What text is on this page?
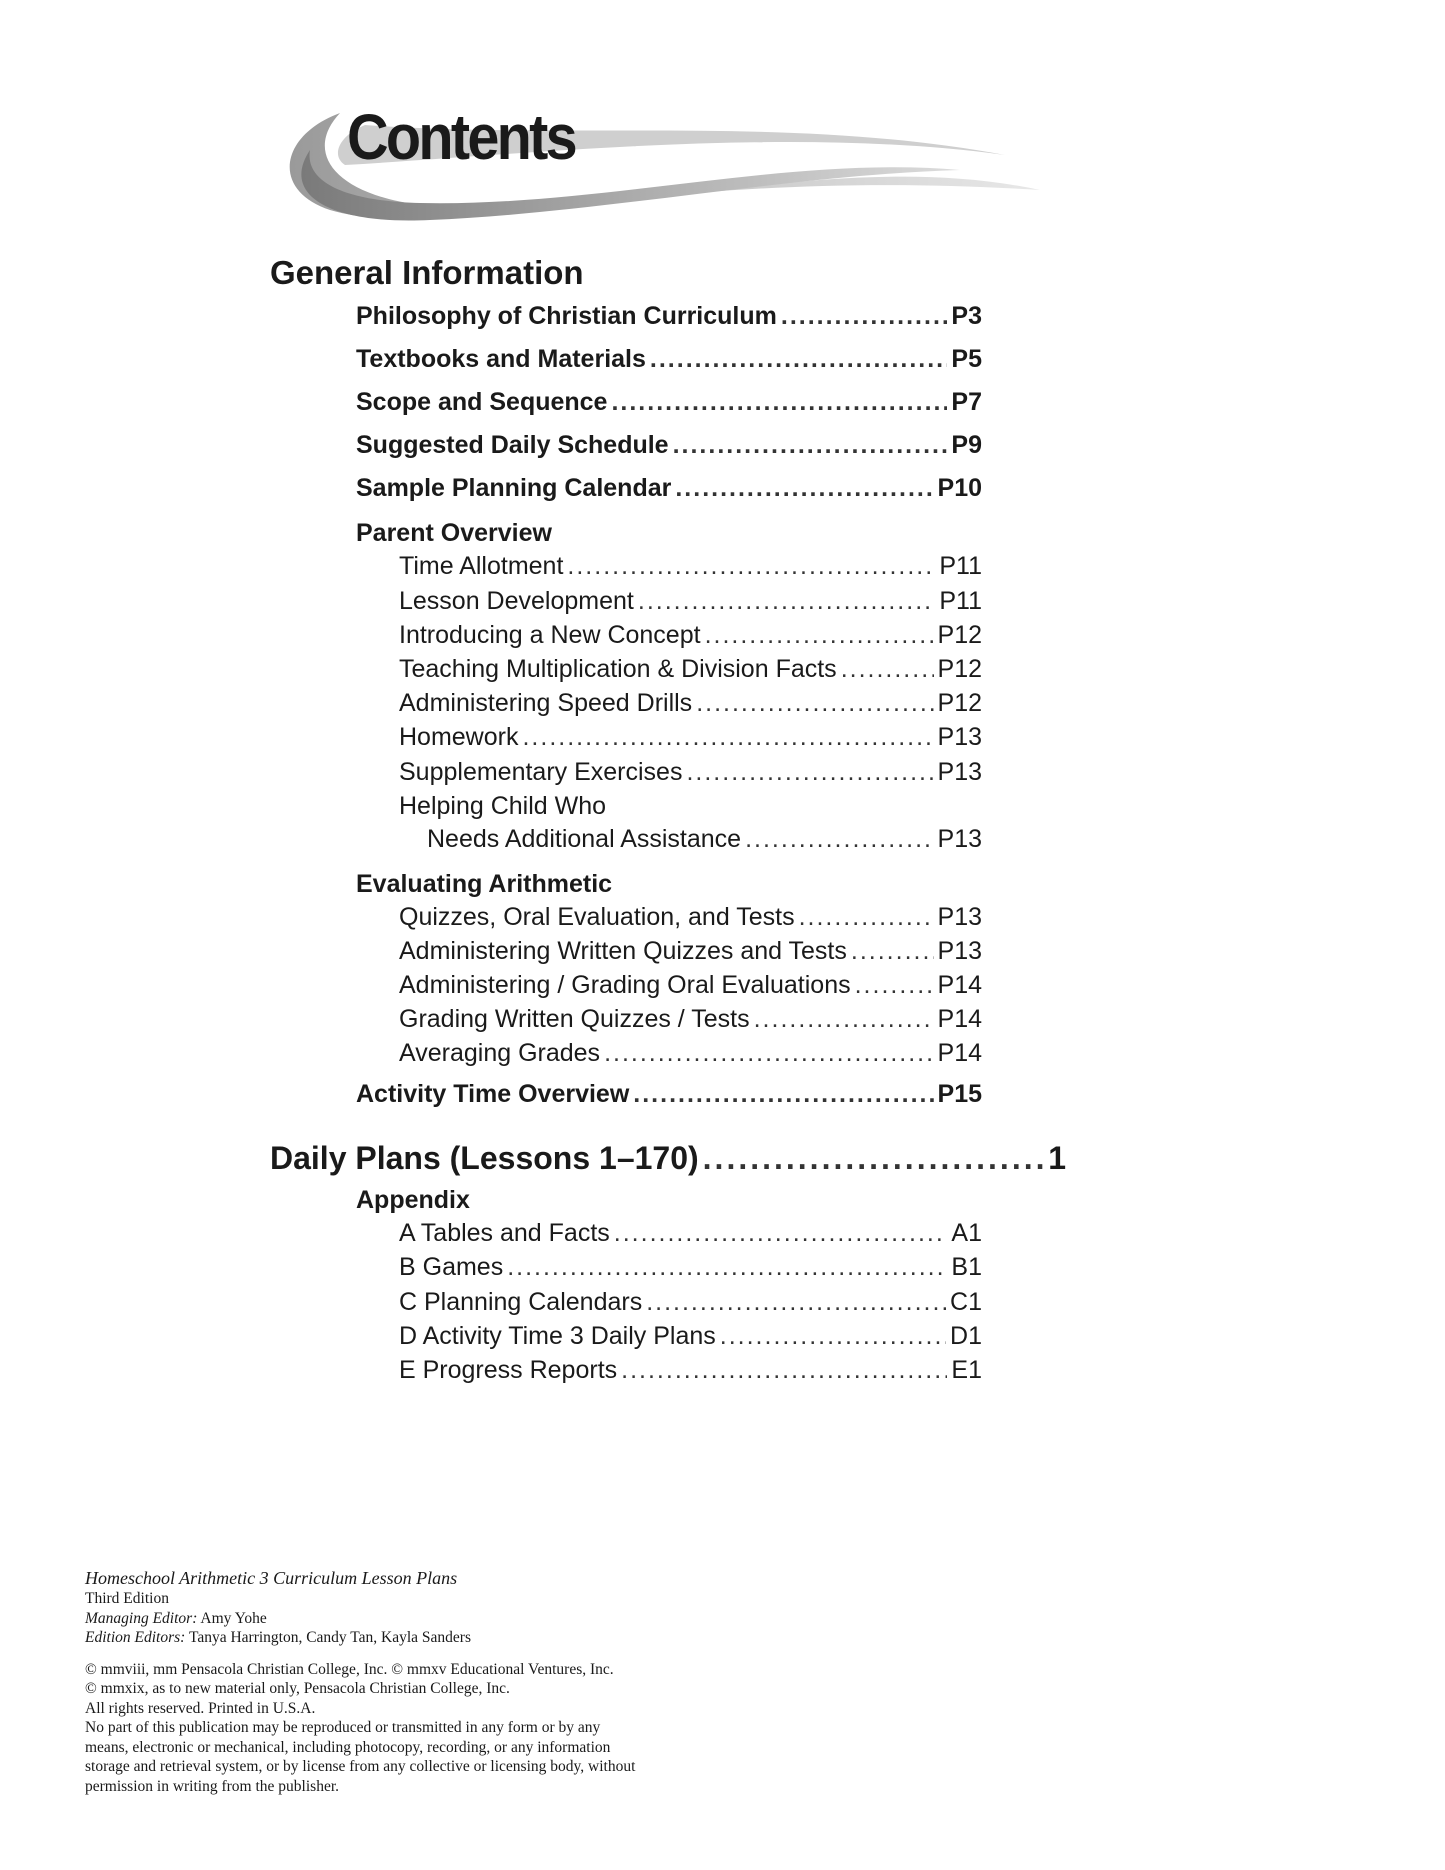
Contents
General Information
Philosophy of Christian Curriculum .....	P3
Textbooks and Materials .....	P5
Scope and Sequence .....	P7
Suggested Daily Schedule .....	P9
Sample Planning Calendar .....	P10
Parent Overview
Time Allotment .....	P11
Lesson Development .....	P11
Introducing a New Concept .....	P12
Teaching Multiplication & Division Facts .....	P12
Administering Speed Drills .....	P12
Homework .....	P13
Supplementary Exercises .....	P13
Helping Child Who
Needs Additional Assistance .....	P13
Evaluating Arithmetic
Quizzes, Oral Evaluation, and Tests .....	P13
Administering Written Quizzes and Tests .....	P13
Administering / Grading Oral Evaluations .....	P14
Grading Written Quizzes / Tests .....	P14
Averaging Grades .....	P14
Activity Time Overview .....	P15
Daily Plans (Lessons 1–170) .....	1
Appendix
A Tables and Facts .....	A1
B Games .....	B1
C Planning Calendars .....	C1
D Activity Time 3 Daily Plans .....	D1
E Progress Reports .....	E1

Homeschool Arithmetic 3 Curriculum Lesson Plans

Third Edition

Managing Editor: Amy Yohe

Edition Editors: Tanya Harrington, Candy Tan, Kayla Sanders

© mmviii, mm Pensacola Christian College, Inc. © mmxv Educational Ventures, Inc.

© mmxix, as to new material only, Pensacola Christian College, Inc.

All rights reserved. Printed in U.S.A.

No part of this publication may be reproduced or transmitted in any form or by any

means, electronic or mechanical, including photocopy, recording, or any information

storage and retrieval system, or by license from any collective or licensing body, without

permission in writing from the publisher.
